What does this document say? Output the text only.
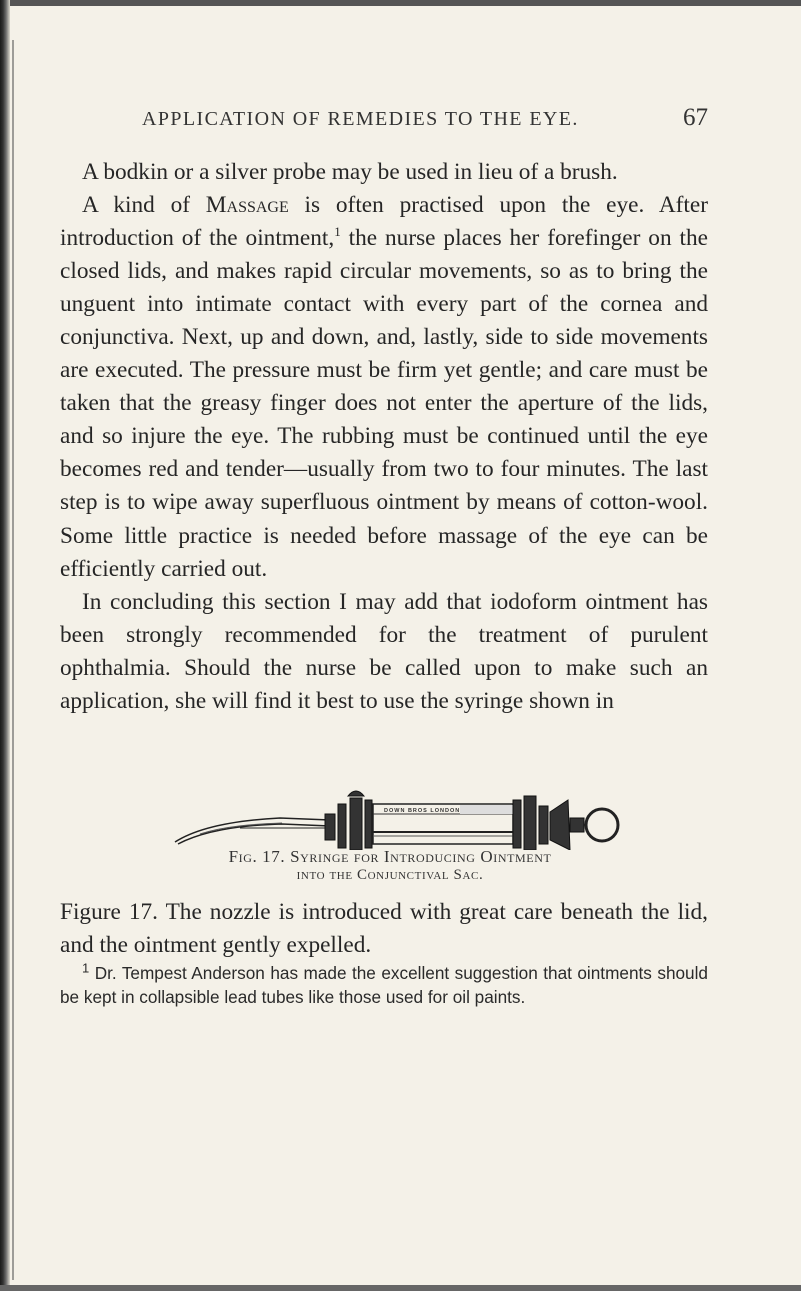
APPLICATION OF REMEDIES TO THE EYE.	67

A bodkin or a silver probe may be used in lieu of a brush.

A kind of Massage is often practised upon the eye. After introduction of the ointment,$^1$ the nurse places her forefinger on the closed lids, and makes rapid circular movements, so as to bring the unguent into intimate contact with every part of the cornea and conjunctiva. Next, up and down, and, lastly, side to side movements are executed. The pressure must be firm yet gentle; and care must be taken that the greasy finger does not enter the aperture of the lids, and so injure the eye. The rubbing must be continued until the eye becomes red and tender—usually from two to four minutes. The last step is to wipe away superfluous ointment by means of cotton-wool. Some little practice is needed before massage of the eye can be efficiently carried out.

In concluding this section I may add that iodoform ointment has been strongly recommended for the treatment of purulent ophthalmia. Should the nurse be called upon to make such an application, she will find it best to use the syringe shown in

DOWN BROS LONDON
Fig. 17. Syringe for Introducing Ointment
into the Conjunctival Sac.
Figure 17. The nozzle is introduced with great care beneath the lid, and the ointment gently expelled.

$^1$ Dr. Tempest Anderson has made the excellent suggestion that ointments should be kept in collapsible lead tubes like those used for oil paints.
